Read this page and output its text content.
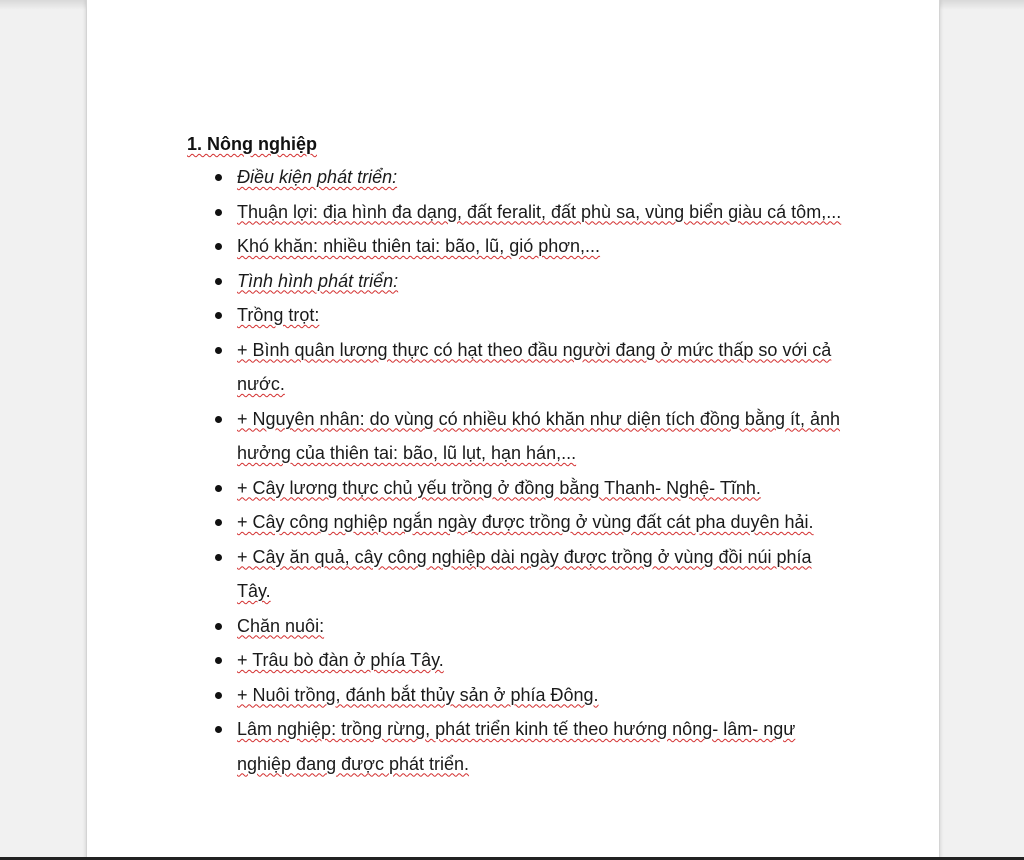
1. Nông nghiệp

Điều kiện phát triển:
Thuận lợi: địa hình đa dạng, đất feralit, đất phù sa, vùng biển giàu cá tôm,...
Khó khăn: nhiều thiên tai: bão, lũ, gió phơn,...
Tình hình phát triển:
Trồng trọt:
+ Bình quân lương thực có hạt theo đầu người đang ở mức thấp so với cả nước.
+ Nguyên nhân: do vùng có nhiều khó khăn như diện tích đồng bằng ít, ảnh hưởng của thiên tai: bão, lũ lụt, hạn hán,...
+ Cây lương thực chủ yếu trồng ở đồng bằng Thanh- Nghệ- Tĩnh.
+ Cây công nghiệp ngắn ngày được trồng ở vùng đất cát pha duyên hải.
+ Cây ăn quả, cây công nghiệp dài ngày được trồng ở vùng đồi núi phía Tây.
Chăn nuôi:
+ Trâu bò đàn ở phía Tây.
+ Nuôi trồng, đánh bắt thủy sản ở phía Đông.
Lâm nghiệp: trồng rừng, phát triển kinh tế theo hướng nông- lâm- ngư nghiệp đang được phát triển.
